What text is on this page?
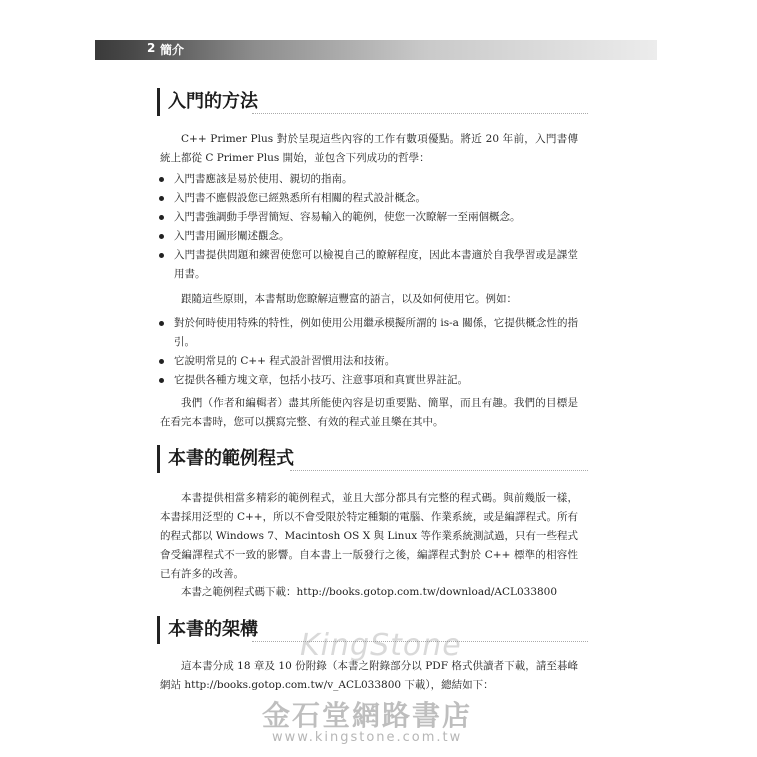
2 簡介
入門的方法

C++ Primer Plus 對於呈現這些內容的工作有數項優點。將近 20 年前，入門書傳統上都從 C Primer Plus 開始，並包含下列成功的哲學：

入門書應該是易於使用、親切的指南。
入門書不應假設您已經熟悉所有相關的程式設計概念。
入門書強調動手學習簡短、容易輸入的範例，使您一次瞭解一至兩個概念。
入門書用圖形闡述觀念。
入門書提供問題和練習使您可以檢視自己的瞭解程度，因此本書適於自我學習或是課堂用書。

跟隨這些原則，本書幫助您瞭解這豐富的語言，以及如何使用它。例如：

對於何時使用特殊的特性，例如使用公用繼承模擬所謂的 is-a 關係，它提供概念性的指引。
它說明常見的 C++ 程式設計習慣用法和技術。
它提供各種方塊文章，包括小技巧、注意事項和真實世界註記。

我們（作者和編輯者）盡其所能使內容是切重要點、簡單，而且有趣。我們的目標是在看完本書時，您可以撰寫完整、有效的程式並且樂在其中。

本書的範例程式

本書提供相當多精彩的範例程式，並且大部分都具有完整的程式碼。與前幾版一樣，本書採用泛型的 C++，所以不會受限於特定種類的電腦、作業系統，或是編譯程式。所有的程式都以 Windows 7、Macintosh OS X 與 Linux 等作業系統測試過，只有一些程式會受編譯程式不一致的影響。自本書上一版發行之後，編譯程式對於 C++ 標準的相容性已有許多的改善。

本書之範例程式碼下載：http://books.gotop.com.tw/download/ACL033800

本書的架構

這本書分成 18 章及 10 份附錄（本書之附錄部分以 PDF 格式供讀者下載，請至碁峰網站 http://books.gotop.com.tw/v_ACL033800 下載），總結如下：

KingStone
金石堂網路書店
www.kingstone.com.tw
